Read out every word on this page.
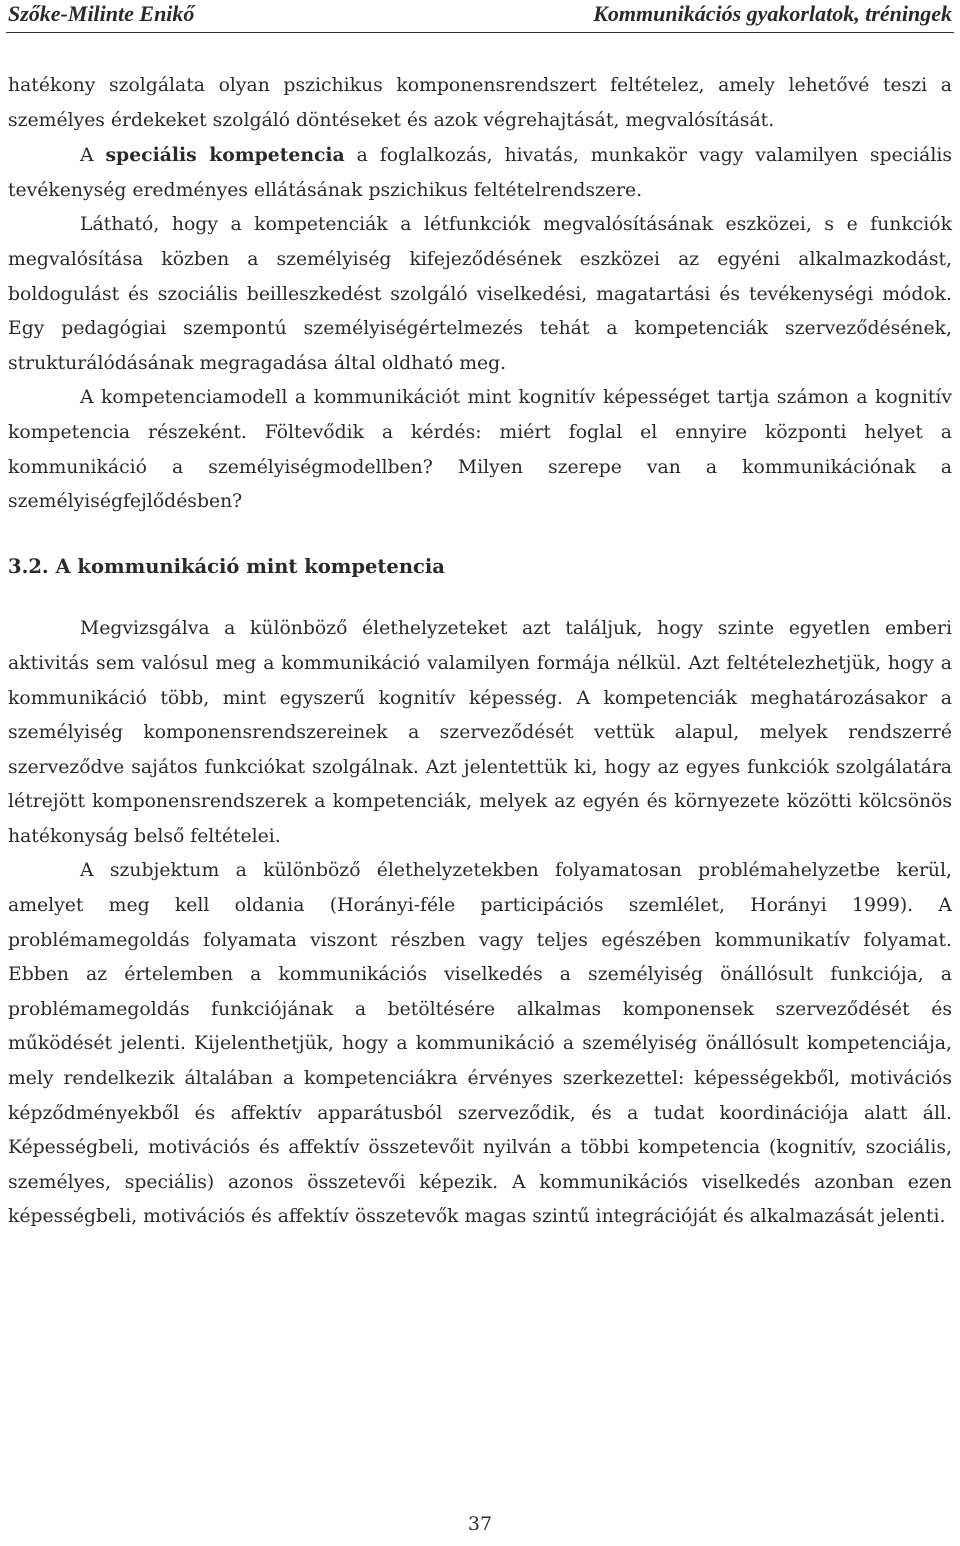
Szőke-Milinte Enikő	Kommunikációs gyakorlatok, tréningek

hatékony szolgálata olyan pszichikus komponensrendszert feltételez, amely lehetővé teszi a személyes érdekeket szolgáló döntéseket és azok végrehajtását, megvalósítását.

A speciális kompetencia a foglalkozás, hivatás, munkakör vagy valamilyen speciális tevékenység eredményes ellátásának pszichikus feltételrendszere.

Látható, hogy a kompetenciák a létfunkciók megvalósításának eszközei, s e funkciók megvalósítása közben a személyiség kifejeződésének eszközei az egyéni alkalmazkodást, boldogulást és szociális beilleszkedést szolgáló viselkedési, magatartási és tevékenységi módok. Egy pedagógiai szempontú személyiségértelmezés tehát a kompetenciák szerveződésének, strukturálódásának megragadása által oldható meg.

A kompetenciamodell a kommunikációt mint kognitív képességet tartja számon a kognitív kompetencia részeként. Föltevődik a kérdés: miért foglal el ennyire központi helyet a kommunikáció a személyiségmodellben? Milyen szerepe van a kommunikációnak a személyiségfejlődésben?

3.2. A kommunikáció mint kompetencia

Megvizsgálva a különböző élethelyzeteket azt találjuk, hogy szinte egyetlen emberi aktivitás sem valósul meg a kommunikáció valamilyen formája nélkül. Azt feltételezhetjük, hogy a kommunikáció több, mint egyszerű kognitív képesség. A kompetenciák meghatározásakor a személyiség komponensrendszereinek a szerveződését vettük alapul, melyek rendszerré szerveződve sajátos funkciókat szolgálnak. Azt jelentettük ki, hogy az egyes funkciók szolgálatára létrejött komponensrendszerek a kompetenciák, melyek az egyén és környezete közötti kölcsönös hatékonyság belső feltételei.

A szubjektum a különböző élethelyzetekben folyamatosan problémahelyzetbe kerül, amelyet meg kell oldania (Horányi-féle participációs szemlélet, Horányi 1999). A problémamegoldás folyamata viszont részben vagy teljes egészében kommunikatív folyamat. Ebben az értelemben a kommunikációs viselkedés a személyiség önállósult funkciója, a problémamegoldás funkciójának a betöltésére alkalmas komponensek szerveződését és működését jelenti. Kijelenthetjük, hogy a kommunikáció a személyiség önállósult kompetenciája, mely rendelkezik általában a kompetenciákra érvényes szerkezettel: képességekből, motivációs képződményekből és affektív apparátusból szerveződik, és a tudat koordinációja alatt áll. Képességbeli, motivációs és affektív összetevőit nyilván a többi kompetencia (kognitív, szociális, személyes, speciális) azonos összetevői képezik. A kommunikációs viselkedés azonban ezen képességbeli, motivációs és affektív összetevők magas szintű integrációját és alkalmazását jelenti.

37
